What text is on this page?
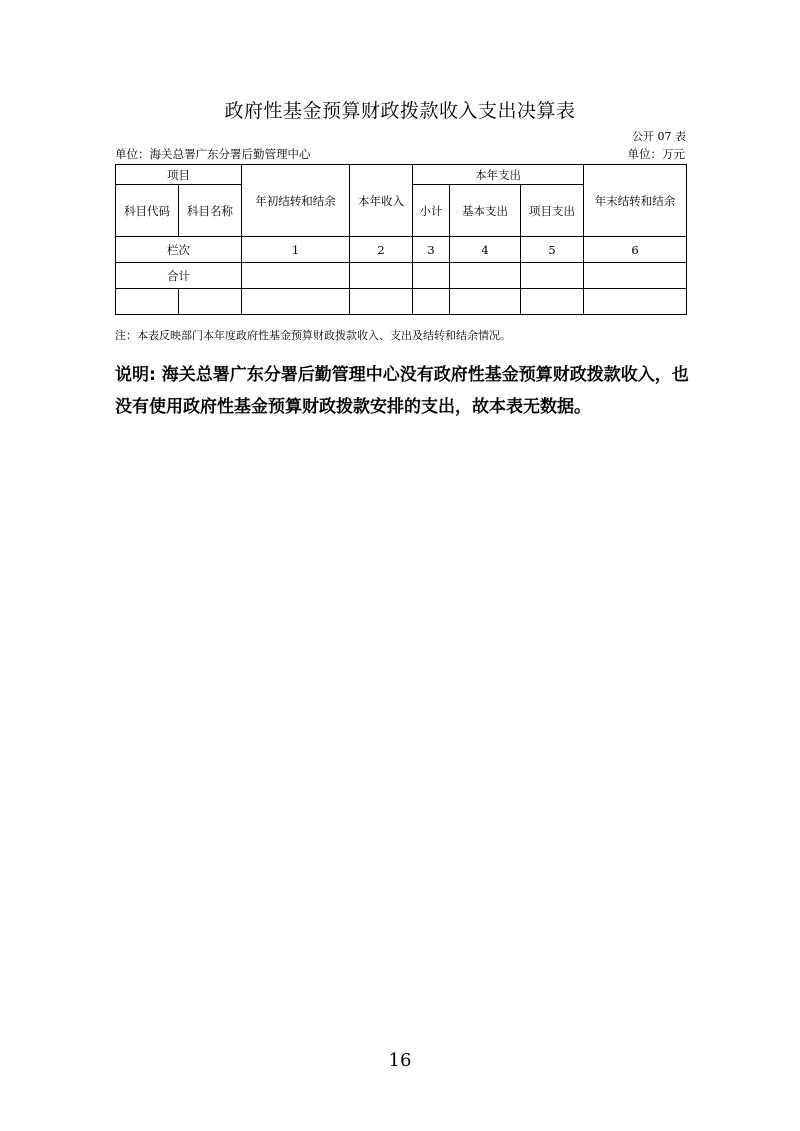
政府性基金预算财政拨款收入支出决算表
公开 07 表
单位：海关总署广东分署后勤管理中心	单位：万元
项目		年初结转和结余	本年收入	本年支出			年末结转和结余
科目代码	科目名称			小计	基本支出	项目支出	
栏次		1	2	3	4	5	6
合计							

注：本表反映部门本年度政府性基金预算财政拨款收入、支出及结转和结余情况。
说明: 海关总署广东分署后勤管理中心没有政府性基金预算财政拨款收入，也没有使用政府性基金预算财政拨款安排的支出，故本表无数据。
16
